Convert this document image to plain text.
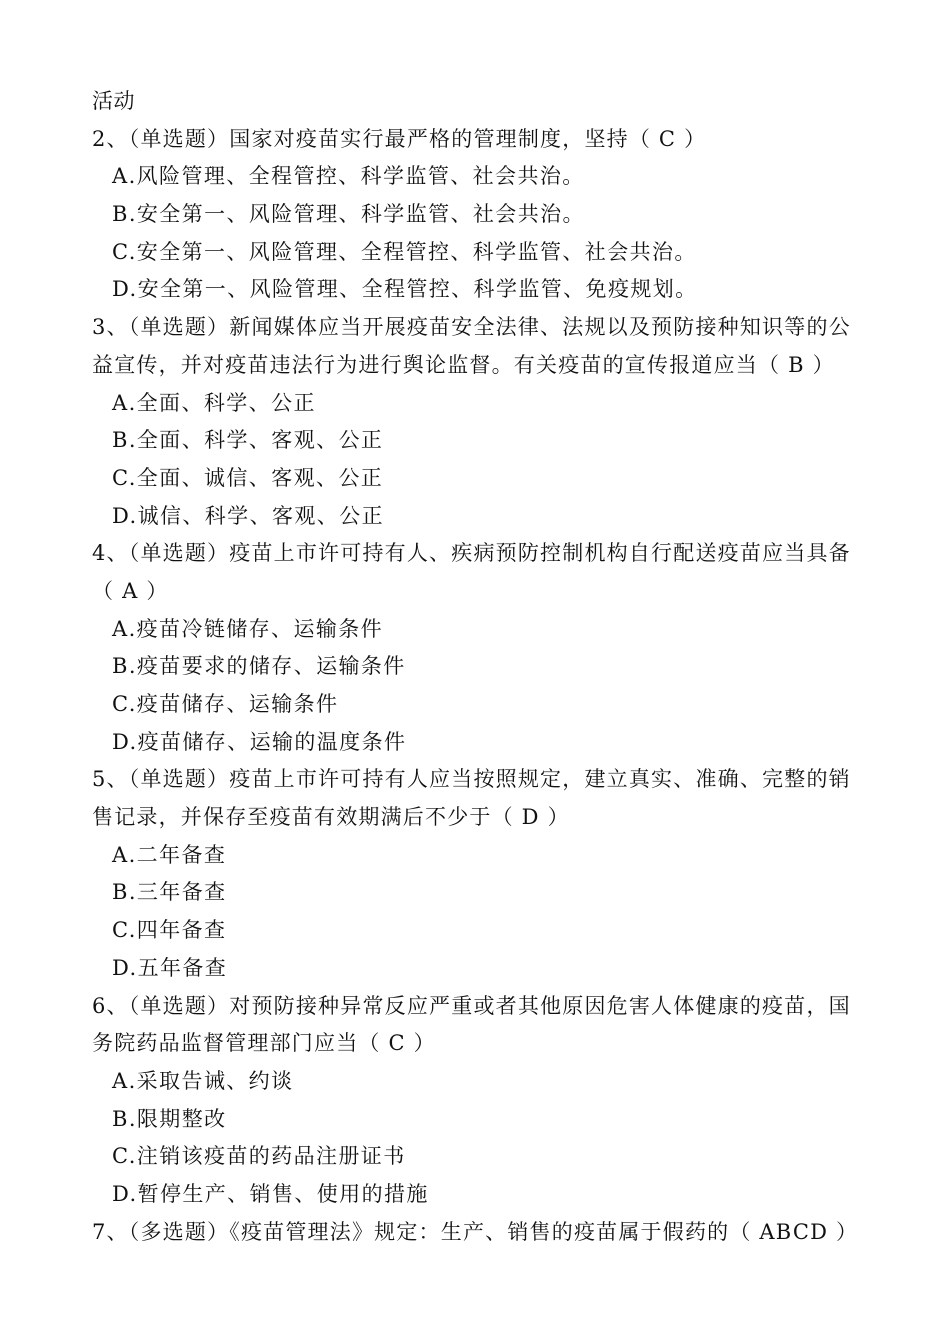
活动
2、（单选题）国家对疫苗实行最严格的管理制度，坚持（ C ）
A.风险管理、全程管控、科学监管、社会共治。
B.安全第一、风险管理、科学监管、社会共治。
C.安全第一、风险管理、全程管控、科学监管、社会共治。
D.安全第一、风险管理、全程管控、科学监管、免疫规划。
3、（单选题）新闻媒体应当开展疫苗安全法律、法规以及预防接种知识等的公
益宣传，并对疫苗违法行为进行舆论监督。有关疫苗的宣传报道应当（ B ）
A.全面、科学、公正
B.全面、科学、客观、公正
C.全面、诚信、客观、公正
D.诚信、科学、客观、公正
4、（单选题）疫苗上市许可持有人、疾病预防控制机构自行配送疫苗应当具备
（ A ）
A.疫苗冷链储存、运输条件
B.疫苗要求的储存、运输条件
C.疫苗储存、运输条件
D.疫苗储存、运输的温度条件
5、（单选题）疫苗上市许可持有人应当按照规定，建立真实、准确、完整的销
售记录，并保存至疫苗有效期满后不少于（ D ）
A.二年备查
B.三年备查
C.四年备查
D.五年备查
6、（单选题）对预防接种异常反应严重或者其他原因危害人体健康的疫苗，国
务院药品监督管理部门应当（ C ）
A.采取告诫、约谈
B.限期整改
C.注销该疫苗的药品注册证书
D.暂停生产、销售、使用的措施
7、（多选题）《疫苗管理法》规定：生产、销售的疫苗属于假药的（ ABCD ）
